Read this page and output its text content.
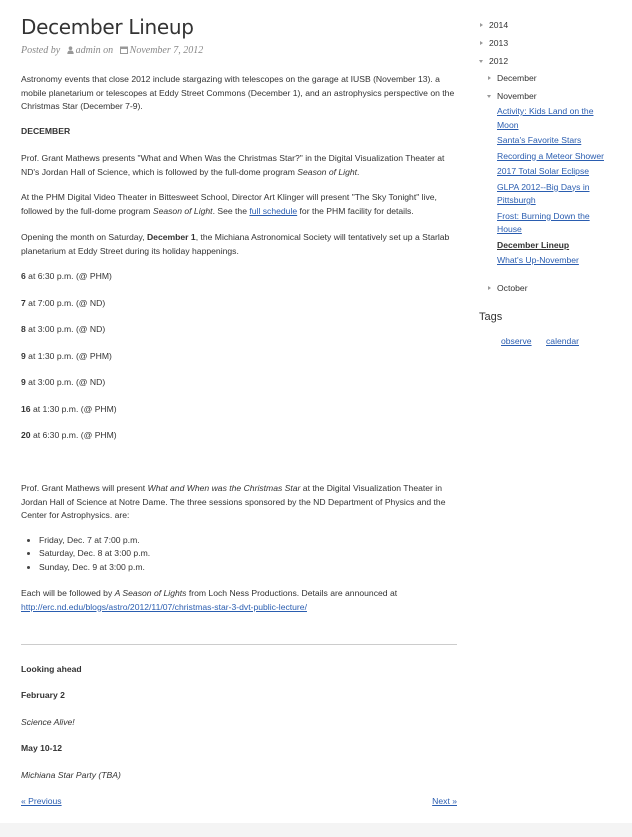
December Lineup
Posted by admin on November 7, 2012

Astronomy events that close 2012 include stargazing with telescopes on the garage at IUSB (November 13). a mobile planetarium or telescopes at Eddy Street Commons (December 1), and an astrophysics perspective on the Christmas Star (December 7-9).

DECEMBER

Prof. Grant Mathews presents "What and When Was the Christmas Star?" in the Digital Visualization Theater at ND's Jordan Hall of Science, which is followed by the full-dome program Season of Light.

At the PHM Digital Video Theater in Bittesweet School, Director Art Klinger will present "The Sky Tonight" live, followed by the full-dome program Season of Light. See the full schedule for the PHM facility for details.

Opening the month on Saturday, December 1, the Michiana Astronomical Society will tentatively set up a Starlab planetarium at Eddy Street during its holiday happenings.

6 at 6:30 p.m. (@ PHM)

7 at 7:00 p.m. (@ ND)

8 at 3:00 p.m. (@ ND)

9 at 1:30 p.m. (@ PHM)

9 at 3:00 p.m. (@ ND)

16 at 1:30 p.m. (@ PHM)

20 at 6:30 p.m. (@ PHM)

Prof. Grant Mathews will present What and When was the Christmas Star at the Digital Visualization Theater in Jordan Hall of Science at Notre Dame. The three sessions sponsored by the ND Department of Physics and the Center for Astrophysics. are:

Friday, Dec. 7 at 7:00 p.m.
Saturday, Dec. 8 at 3:00 p.m.
Sunday, Dec. 9 at 3:00 p.m.

Each will be followed by A Season of Lights from Loch Ness Productions. Details are announced at http://erc.nd.edu/blogs/astro/2012/11/07/christmas-star-3-dvt-public-lecture/

Looking ahead

February 2

Science Alive!

May 10-12

Michiana Star Party (TBA)

« Previous	Next »
2014
2013
2012
December
November
Activity: Kids Land on the Moon
Santa's Favorite Stars
Recording a Meteor Shower
2017 Total Solar Eclipse
GLPA 2012--Big Days in Pittsburgh
Frost: Burning Down the House
December Lineup
What's Up-November
October
Tags
observe calendar
